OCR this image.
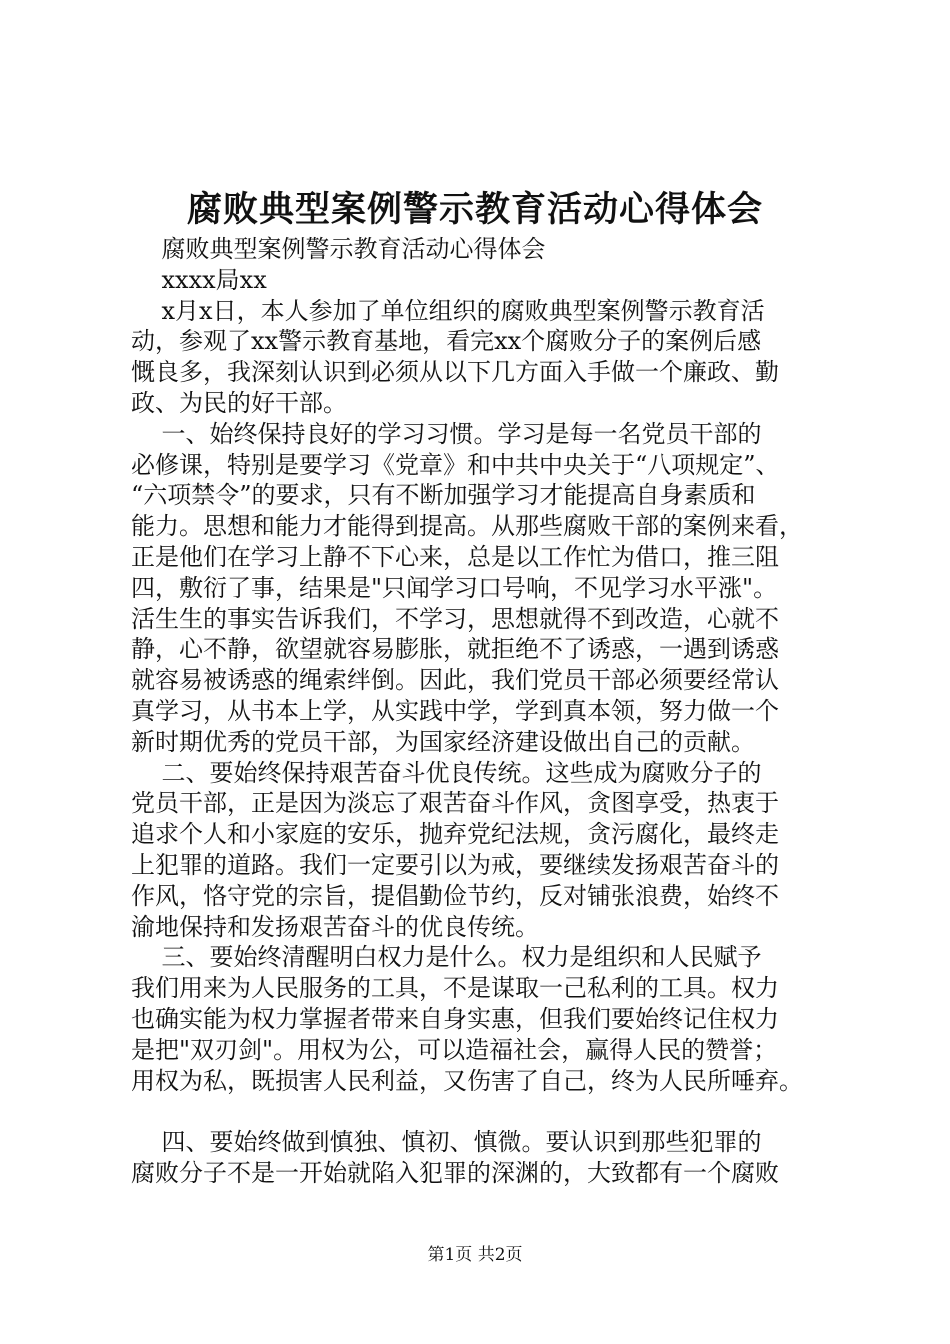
腐败典型案例警示教育活动心得体会
腐败典型案例警示教育活动心得体会
xxxx局xx
x月x日，本人参加了单位组织的腐败典型案例警示教育活
动，参观了xx警示教育基地，看完xx个腐败分子的案例后感
慨良多，我深刻认识到必须从以下几方面入手做一个廉政、勤
政、为民的好干部。
一、始终保持良好的学习习惯。学习是每一名党员干部的
必修课，特别是要学习《党章》和中共中央关于“八项规定”、
“六项禁令”的要求，只有不断加强学习才能提高自身素质和
能力。思想和能力才能得到提高。从那些腐败干部的案例来看，
正是他们在学习上静不下心来，总是以工作忙为借口，推三阻
四，敷衍了事，结果是"只闻学习口号响，不见学习水平涨"。
活生生的事实告诉我们，不学习，思想就得不到改造，心就不
静，心不静，欲望就容易膨胀，就拒绝不了诱惑，一遇到诱惑
就容易被诱惑的绳索绊倒。因此，我们党员干部必须要经常认
真学习，从书本上学，从实践中学，学到真本领，努力做一个
新时期优秀的党员干部，为国家经济建设做出自己的贡献。
二、要始终保持艰苦奋斗优良传统。这些成为腐败分子的
党员干部，正是因为淡忘了艰苦奋斗作风，贪图享受，热衷于
追求个人和小家庭的安乐，抛弃党纪法规，贪污腐化，最终走
上犯罪的道路。我们一定要引以为戒，要继续发扬艰苦奋斗的
作风，恪守党的宗旨，提倡勤俭节约，反对铺张浪费，始终不
渝地保持和发扬艰苦奋斗的优良传统。
三、要始终清醒明白权力是什么。权力是组织和人民赋予
我们用来为人民服务的工具，不是谋取一己私利的工具。权力
也确实能为权力掌握者带来自身实惠，但我们要始终记住权力
是把"双刃剑"。用权为公，可以造福社会，赢得人民的赞誉；
用权为私，既损害人民利益，又伤害了自己，终为人民所唾弃。
四、要始终做到慎独、慎初、慎微。要认识到那些犯罪的
腐败分子不是一开始就陷入犯罪的深渊的，大致都有一个腐败
第1页 共2页
